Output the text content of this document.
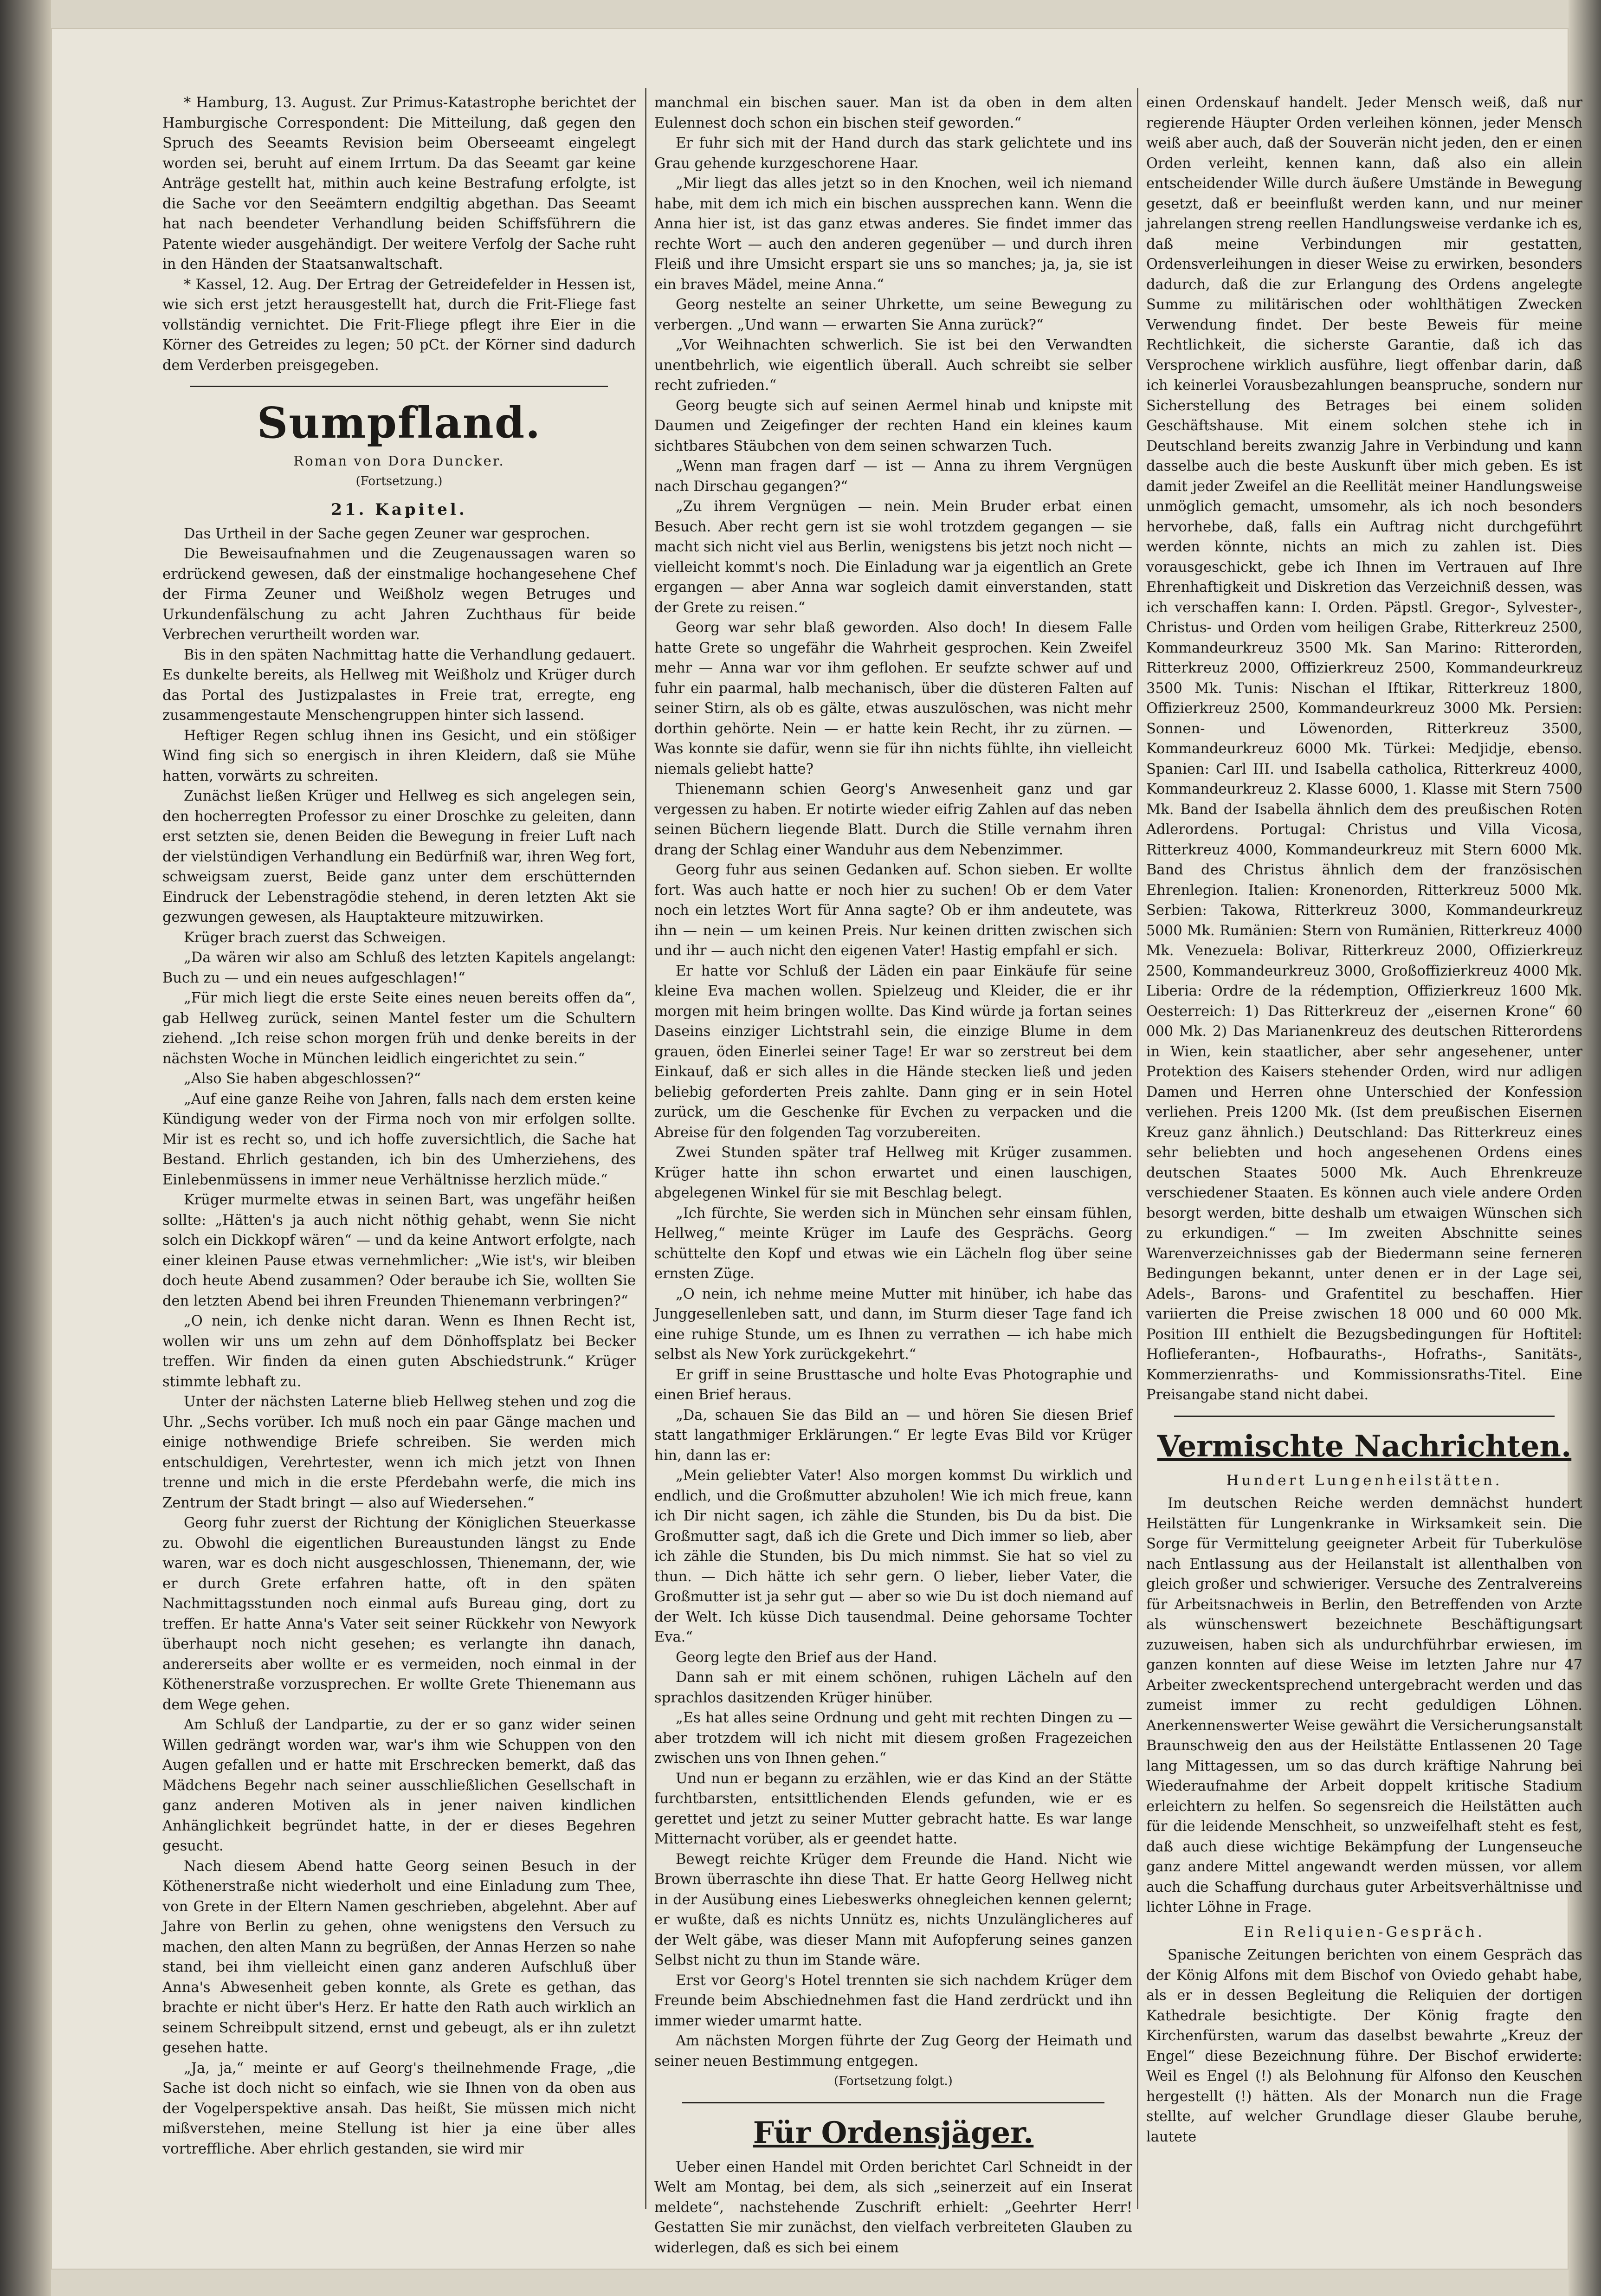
* Hamburg, 13. August. Zur Primus-Katastrophe berichtet der Hamburgische Correspondent: Die Mitteilung, daß gegen den Spruch des Seeamts Revision beim Oberseeamt eingelegt worden sei, beruht auf einem Irrtum. Da das Seeamt gar keine Anträge gestellt hat, mithin auch keine Bestrafung erfolgte, ist die Sache vor den Seeämtern endgiltig abgethan. Das Seeamt hat nach beendeter Verhandlung beiden Schiffsführern die Patente wieder ausgehändigt. Der weitere Verfolg der Sache ruht in den Händen der Staatsanwaltschaft.

* Kassel, 12. Aug. Der Ertrag der Getreidefelder in Hessen ist, wie sich erst jetzt herausgestellt hat, durch die Frit-Fliege fast vollständig vernichtet. Die Frit-Fliege pflegt ihre Eier in die Körner des Getreides zu legen; 50 pCt. der Körner sind dadurch dem Verderben preisgegeben.

Sumpfland.

Roman von Dora Duncker.

(Fortsetzung.)

21. Kapitel.

Das Urtheil in der Sache gegen Zeuner war gesprochen.

Die Beweisaufnahmen und die Zeugenaussagen waren so erdrückend gewesen, daß der einstmalige hochangesehene Chef der Firma Zeuner und Weißholz wegen Betruges und Urkundenfälschung zu acht Jahren Zuchthaus für beide Verbrechen verurtheilt worden war.

Bis in den späten Nachmittag hatte die Verhandlung gedauert. Es dunkelte bereits, als Hellweg mit Weißholz und Krüger durch das Portal des Justizpalastes in Freie trat, erregte, eng zusammengestaute Menschengruppen hinter sich lassend.

Heftiger Regen schlug ihnen ins Gesicht, und ein stößiger Wind fing sich so energisch in ihren Kleidern, daß sie Mühe hatten, vorwärts zu schreiten.

Zunächst ließen Krüger und Hellweg es sich angelegen sein, den hocherregten Professor zu einer Droschke zu geleiten, dann erst setzten sie, denen Beiden die Bewegung in freier Luft nach der vielstündigen Verhandlung ein Bedürfniß war, ihren Weg fort, schweigsam zuerst, Beide ganz unter dem erschütternden Eindruck der Lebenstragödie stehend, in deren letzten Akt sie gezwungen gewesen, als Hauptakteure mitzuwirken.

Krüger brach zuerst das Schweigen.

„Da wären wir also am Schluß des letzten Kapitels angelangt: Buch zu — und ein neues aufgeschlagen!“

„Für mich liegt die erste Seite eines neuen bereits offen da“, gab Hellweg zurück, seinen Mantel fester um die Schultern ziehend. „Ich reise schon morgen früh und denke bereits in der nächsten Woche in München leidlich eingerichtet zu sein.“

„Also Sie haben abgeschlossen?“

„Auf eine ganze Reihe von Jahren, falls nach dem ersten keine Kündigung weder von der Firma noch von mir erfolgen sollte. Mir ist es recht so, und ich hoffe zuversichtlich, die Sache hat Bestand. Ehrlich gestanden, ich bin des Umherziehens, des Einlebenmüssens in immer neue Verhältnisse herzlich müde.“

Krüger murmelte etwas in seinen Bart, was ungefähr heißen sollte: „Hätten's ja auch nicht nöthig gehabt, wenn Sie nicht solch ein Dickkopf wären“ — und da keine Antwort erfolgte, nach einer kleinen Pause etwas vernehmlicher: „Wie ist's, wir bleiben doch heute Abend zusammen? Oder beraube ich Sie, wollten Sie den letzten Abend bei ihren Freunden Thienemann verbringen?“

„O nein, ich denke nicht daran. Wenn es Ihnen Recht ist, wollen wir uns um zehn auf dem Dönhoffsplatz bei Becker treffen. Wir finden da einen guten Abschiedstrunk.“ Krüger stimmte lebhaft zu.

Unter der nächsten Laterne blieb Hellweg stehen und zog die Uhr. „Sechs vorüber. Ich muß noch ein paar Gänge machen und einige nothwendige Briefe schreiben. Sie werden mich entschuldigen, Verehrtester, wenn ich mich jetzt von Ihnen trenne und mich in die erste Pferdebahn werfe, die mich ins Zentrum der Stadt bringt — also auf Wiedersehen.“

Georg fuhr zuerst der Richtung der Königlichen Steuerkasse zu. Obwohl die eigentlichen Bureaustunden längst zu Ende waren, war es doch nicht ausgeschlossen, Thienemann, der, wie er durch Grete erfahren hatte, oft in den späten Nachmittagsstunden noch einmal aufs Bureau ging, dort zu treffen. Er hatte Anna's Vater seit seiner Rückkehr von Newyork überhaupt noch nicht gesehen; es verlangte ihn danach, andererseits aber wollte er es vermeiden, noch einmal in der Köthenerstraße vorzusprechen. Er wollte Grete Thienemann aus dem Wege gehen.

Am Schluß der Landpartie, zu der er so ganz wider seinen Willen gedrängt worden war, war's ihm wie Schuppen von den Augen gefallen und er hatte mit Erschrecken bemerkt, daß das Mädchens Begehr nach seiner ausschließlichen Gesellschaft in ganz anderen Motiven als in jener naiven kindlichen Anhänglichkeit begründet hatte, in der er dieses Begehren gesucht.

Nach diesem Abend hatte Georg seinen Besuch in der Köthenerstraße nicht wiederholt und eine Einladung zum Thee, von Grete in der Eltern Namen geschrieben, abgelehnt. Aber auf Jahre von Berlin zu gehen, ohne wenigstens den Versuch zu machen, den alten Mann zu begrüßen, der Annas Herzen so nahe stand, bei ihm vielleicht einen ganz anderen Aufschluß über Anna's Abwesenheit geben konnte, als Grete es gethan, das brachte er nicht über's Herz. Er hatte den Rath auch wirklich an seinem Schreibpult sitzend, ernst und gebeugt, als er ihn zuletzt gesehen hatte.

„Ja, ja,“ meinte er auf Georg's theilnehmende Frage, „die Sache ist doch nicht so einfach, wie sie Ihnen von da oben aus der Vogelperspektive ansah. Das heißt, Sie müssen mich nicht mißverstehen, meine Stellung ist hier ja eine über alles vortreffliche. Aber ehrlich gestanden, sie wird mir

manchmal ein bischen sauer. Man ist da oben in dem alten Eulennest doch schon ein bischen steif geworden.“

Er fuhr sich mit der Hand durch das stark gelichtete und ins Grau gehende kurzgeschorene Haar.

„Mir liegt das alles jetzt so in den Knochen, weil ich niemand habe, mit dem ich mich ein bischen aussprechen kann. Wenn die Anna hier ist, ist das ganz etwas anderes. Sie findet immer das rechte Wort — auch den anderen gegenüber — und durch ihren Fleiß und ihre Umsicht erspart sie uns so manches; ja, ja, sie ist ein braves Mädel, meine Anna.“

Georg nestelte an seiner Uhrkette, um seine Bewegung zu verbergen. „Und wann — erwarten Sie Anna zurück?“

„Vor Weihnachten schwerlich. Sie ist bei den Verwandten unentbehrlich, wie eigentlich überall. Auch schreibt sie selber recht zufrieden.“

Georg beugte sich auf seinen Aermel hinab und knipste mit Daumen und Zeigefinger der rechten Hand ein kleines kaum sichtbares Stäubchen von dem seinen schwarzen Tuch.

„Wenn man fragen darf — ist — Anna zu ihrem Vergnügen nach Dirschau gegangen?“

„Zu ihrem Vergnügen — nein. Mein Bruder erbat einen Besuch. Aber recht gern ist sie wohl trotzdem gegangen — sie macht sich nicht viel aus Berlin, wenigstens bis jetzt noch nicht — vielleicht kommt's noch. Die Einladung war ja eigentlich an Grete ergangen — aber Anna war sogleich damit einverstanden, statt der Grete zu reisen.“

Georg war sehr blaß geworden. Also doch! In diesem Falle hatte Grete so ungefähr die Wahrheit gesprochen. Kein Zweifel mehr — Anna war vor ihm geflohen. Er seufzte schwer auf und fuhr ein paarmal, halb mechanisch, über die düsteren Falten auf seiner Stirn, als ob es gälte, etwas auszulöschen, was nicht mehr dorthin gehörte. Nein — er hatte kein Recht, ihr zu zürnen. — Was konnte sie dafür, wenn sie für ihn nichts fühlte, ihn vielleicht niemals geliebt hatte?

Thienemann schien Georg's Anwesenheit ganz und gar vergessen zu haben. Er notirte wieder eifrig Zahlen auf das neben seinen Büchern liegende Blatt. Durch die Stille vernahm ihren drang der Schlag einer Wanduhr aus dem Nebenzimmer.

Georg fuhr aus seinen Gedanken auf. Schon sieben. Er wollte fort. Was auch hatte er noch hier zu suchen! Ob er dem Vater noch ein letztes Wort für Anna sagte? Ob er ihm andeutete, was ihn — nein — um keinen Preis. Nur keinen dritten zwischen sich und ihr — auch nicht den eigenen Vater! Hastig empfahl er sich.

Er hatte vor Schluß der Läden ein paar Einkäufe für seine kleine Eva machen wollen. Spielzeug und Kleider, die er ihr morgen mit heim bringen wollte. Das Kind würde ja fortan seines Daseins einziger Lichtstrahl sein, die einzige Blume in dem grauen, öden Einerlei seiner Tage! Er war so zerstreut bei dem Einkauf, daß er sich alles in die Hände stecken ließ und jeden beliebig geforderten Preis zahlte. Dann ging er in sein Hotel zurück, um die Geschenke für Evchen zu verpacken und die Abreise für den folgenden Tag vorzubereiten.

Zwei Stunden später traf Hellweg mit Krüger zusammen. Krüger hatte ihn schon erwartet und einen lauschigen, abgelegenen Winkel für sie mit Beschlag belegt.

„Ich fürchte, Sie werden sich in München sehr einsam fühlen, Hellweg,“ meinte Krüger im Laufe des Gesprächs. Georg schüttelte den Kopf und etwas wie ein Lächeln flog über seine ernsten Züge.

„O nein, ich nehme meine Mutter mit hinüber, ich habe das Junggesellenleben satt, und dann, im Sturm dieser Tage fand ich eine ruhige Stunde, um es Ihnen zu verrathen — ich habe mich selbst als New York zurückgekehrt.“

Er griff in seine Brusttasche und holte Evas Photographie und einen Brief heraus.

„Da, schauen Sie das Bild an — und hören Sie diesen Brief statt langathmiger Erklärungen.“ Er legte Evas Bild vor Krüger hin, dann las er:

„Mein geliebter Vater! Also morgen kommst Du wirklich und endlich, und die Großmutter abzuholen! Wie ich mich freue, kann ich Dir nicht sagen, ich zähle die Stunden, bis Du da bist. Die Großmutter sagt, daß ich die Grete und Dich immer so lieb, aber ich zähle die Stunden, bis Du mich nimmst. Sie hat so viel zu thun. — Dich hätte ich sehr gern. O lieber, lieber Vater, die Großmutter ist ja sehr gut — aber so wie Du ist doch niemand auf der Welt. Ich küsse Dich tausendmal. Deine gehorsame Tochter Eva.“

Georg legte den Brief aus der Hand.

Dann sah er mit einem schönen, ruhigen Lächeln auf den sprachlos dasitzenden Krüger hinüber.

„Es hat alles seine Ordnung und geht mit rechten Dingen zu — aber trotzdem will ich nicht mit diesem großen Fragezeichen zwischen uns von Ihnen gehen.“

Und nun er begann zu erzählen, wie er das Kind an der Stätte furchtbarsten, entsittlichenden Elends gefunden, wie er es gerettet und jetzt zu seiner Mutter gebracht hatte. Es war lange Mitternacht vorüber, als er geendet hatte.

Bewegt reichte Krüger dem Freunde die Hand. Nicht wie Brown überraschte ihn diese That. Er hatte Georg Hellweg nicht in der Ausübung eines Liebeswerks ohnegleichen kennen gelernt; er wußte, daß es nichts Unnütz es, nichts Unzulänglicheres auf der Welt gäbe, was dieser Mann mit Aufopferung seines ganzen Selbst nicht zu thun im Stande wäre.

Erst vor Georg's Hotel trennten sie sich nachdem Krüger dem Freunde beim Abschiednehmen fast die Hand zerdrückt und ihn immer wieder umarmt hatte.

Am nächsten Morgen führte der Zug Georg der Heimath und seiner neuen Bestimmung entgegen.

(Fortsetzung folgt.)

Für Ordensjäger.

Ueber einen Handel mit Orden berichtet Carl Schneidt in der Welt am Montag, bei dem, als sich „seinerzeit auf ein Inserat meldete“, nachstehende Zuschrift erhielt: „Geehrter Herr! Gestatten Sie mir zunächst, den vielfach verbreiteten Glauben zu widerlegen, daß es sich bei einem

einen Ordenskauf handelt. Jeder Mensch weiß, daß nur regierende Häupter Orden verleihen können, jeder Mensch weiß aber auch, daß der Souverän nicht jeden, den er einen Orden verleiht, kennen kann, daß also ein allein entscheidender Wille durch äußere Umstände in Bewegung gesetzt, daß er beeinflußt werden kann, und nur meiner jahrelangen streng reellen Handlungsweise verdanke ich es, daß meine Verbindungen mir gestatten, Ordensverleihungen in dieser Weise zu erwirken, besonders dadurch, daß die zur Erlangung des Ordens angelegte Summe zu militärischen oder wohlthätigen Zwecken Verwendung findet. Der beste Beweis für meine Rechtlichkeit, die sicherste Garantie, daß ich das Versprochene wirklich ausführe, liegt offenbar darin, daß ich keinerlei Vorausbezahlungen beanspruche, sondern nur Sicherstellung des Betrages bei einem soliden Geschäftshause. Mit einem solchen stehe ich in Deutschland bereits zwanzig Jahre in Verbindung und kann dasselbe auch die beste Auskunft über mich geben. Es ist damit jeder Zweifel an die Reellität meiner Handlungsweise unmöglich gemacht, umsomehr, als ich noch besonders hervorhebe, daß, falls ein Auftrag nicht durchgeführt werden könnte, nichts an mich zu zahlen ist. Dies vorausgeschickt, gebe ich Ihnen im Vertrauen auf Ihre Ehrenhaftigkeit und Diskretion das Verzeichniß dessen, was ich verschaffen kann: I. Orden. Päpstl. Gregor-, Sylvester-, Christus- und Orden vom heiligen Grabe, Ritterkreuz 2500, Kommandeurkreuz 3500 Mk. San Marino: Ritterorden, Ritterkreuz 2000, Offizierkreuz 2500, Kommandeurkreuz 3500 Mk. Tunis: Nischan el Iftikar, Ritterkreuz 1800, Offizierkreuz 2500, Kommandeurkreuz 3000 Mk. Persien: Sonnen- und Löwenorden, Ritterkreuz 3500, Kommandeurkreuz 6000 Mk. Türkei: Medjidje, ebenso. Spanien: Carl III. und Isabella catholica, Ritterkreuz 4000, Kommandeurkreuz 2. Klasse 6000, 1. Klasse mit Stern 7500 Mk. Band der Isabella ähnlich dem des preußischen Roten Adlerordens. Portugal: Christus und Villa Vicosa, Ritterkreuz 4000, Kommandeurkreuz mit Stern 6000 Mk. Band des Christus ähnlich dem der französischen Ehrenlegion. Italien: Kronenorden, Ritterkreuz 5000 Mk. Serbien: Takowa, Ritterkreuz 3000, Kommandeurkreuz 5000 Mk. Rumänien: Stern von Rumänien, Ritterkreuz 4000 Mk. Venezuela: Bolivar, Ritterkreuz 2000, Offizierkreuz 2500, Kommandeurkreuz 3000, Großoffizierkreuz 4000 Mk. Liberia: Ordre de la rédemption, Offizierkreuz 1600 Mk. Oesterreich: 1) Das Ritterkreuz der „eisernen Krone“ 60 000 Mk. 2) Das Marianenkreuz des deutschen Ritterordens in Wien, kein staatlicher, aber sehr angesehener, unter Protektion des Kaisers stehender Orden, wird nur adligen Damen und Herren ohne Unterschied der Konfession verliehen. Preis 1200 Mk. (Ist dem preußischen Eisernen Kreuz ganz ähnlich.) Deutschland: Das Ritterkreuz eines sehr beliebten und hoch angesehenen Ordens eines deutschen Staates 5000 Mk. Auch Ehrenkreuze verschiedener Staaten. Es können auch viele andere Orden besorgt werden, bitte deshalb um etwaigen Wünschen sich zu erkundigen.“ — Im zweiten Abschnitte seines Warenverzeichnisses gab der Biedermann seine ferneren Bedingungen bekannt, unter denen er in der Lage sei, Adels-, Barons- und Grafentitel zu beschaffen. Hier variierten die Preise zwischen 18 000 und 60 000 Mk. Position III enthielt die Bezugsbedingungen für Hoftitel: Hoflieferanten-, Hofbauraths-, Hofraths-, Sanitäts-, Kommerzienraths- und Kommissionsraths-Titel. Eine Preisangabe stand nicht dabei.

Vermischte Nachrichten.

Hundert Lungenheilstätten.

Im deutschen Reiche werden demnächst hundert Heilstätten für Lungenkranke in Wirksamkeit sein. Die Sorge für Vermittelung geeigneter Arbeit für Tuberkulöse nach Entlassung aus der Heilanstalt ist allenthalben von gleich großer und schwieriger. Versuche des Zentralvereins für Arbeitsnachweis in Berlin, den Betreffenden von Arzte als wünschenswert bezeichnete Beschäftigungsart zuzuweisen, haben sich als undurchführbar erwiesen, im ganzen konnten auf diese Weise im letzten Jahre nur 47 Arbeiter zweckentsprechend untergebracht werden und das zumeist immer zu recht geduldigen Löhnen. Anerkennenswerter Weise gewährt die Versicherungsanstalt Braunschweig den aus der Heilstätte Entlassenen 20 Tage lang Mittagessen, um so das durch kräftige Nahrung bei Wiederaufnahme der Arbeit doppelt kritische Stadium erleichtern zu helfen. So segensreich die Heilstätten auch für die leidende Menschheit, so unzweifelhaft steht es fest, daß auch diese wichtige Bekämpfung der Lungenseuche ganz andere Mittel angewandt werden müssen, vor allem auch die Schaffung durchaus guter Arbeitsverhältnisse und lichter Löhne in Frage.

Ein Reliquien-Gespräch.

Spanische Zeitungen berichten von einem Gespräch das der König Alfons mit dem Bischof von Oviedo gehabt habe, als er in dessen Begleitung die Reliquien der dortigen Kathedrale besichtigte. Der König fragte den Kirchenfürsten, warum das daselbst bewahrte „Kreuz der Engel“ diese Bezeichnung führe. Der Bischof erwiderte: Weil es Engel (!) als Belohnung für Alfonso den Keuschen hergestellt (!) hätten. Als der Monarch nun die Frage stellte, auf welcher Grundlage dieser Glaube beruhe, lautete
